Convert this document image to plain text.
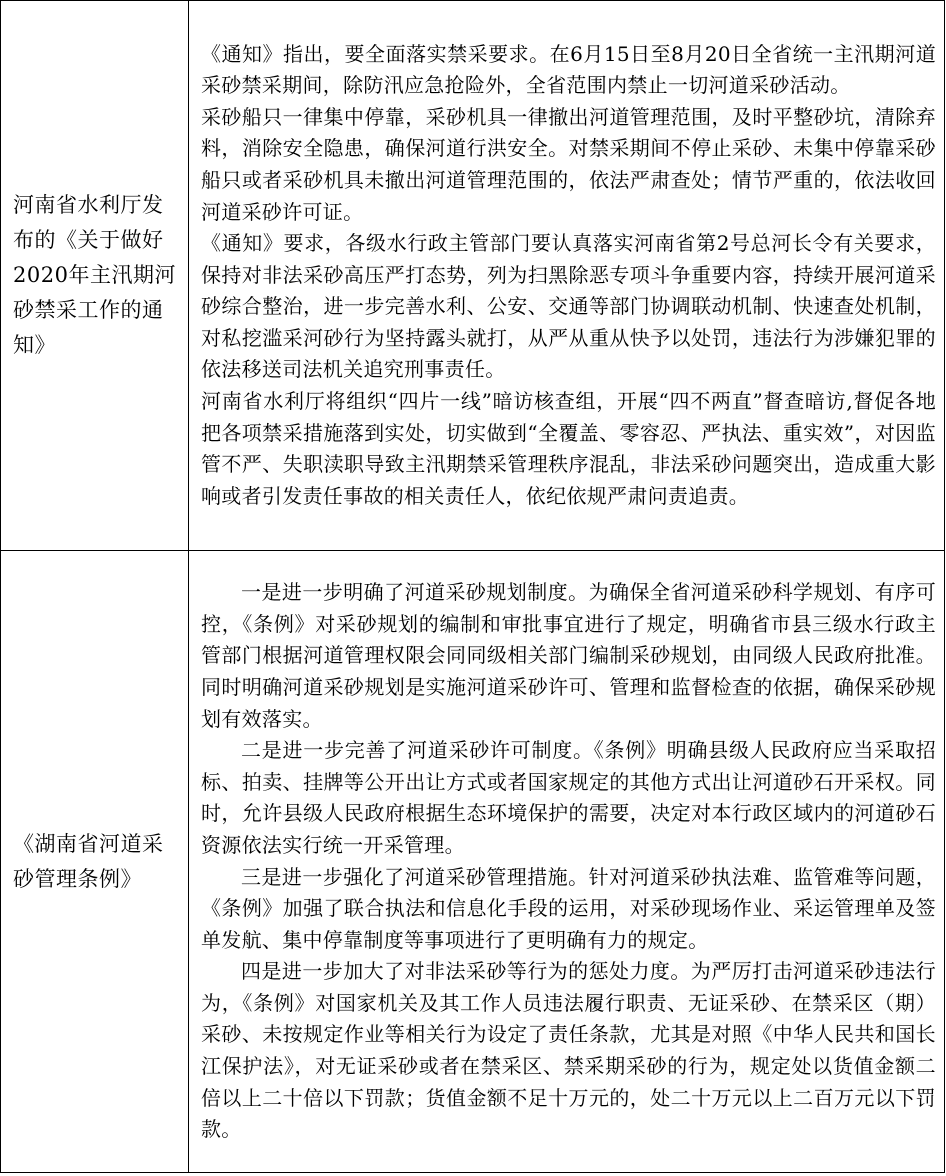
河南省水利厅发布的《关于做好2020年主汛期河砂禁采工作的通知》	《通知》指出，要全面落实禁采要求。在6月15日至8月20日全省统一主汛期河道采砂禁采期间，除防汛应急抢险外，全省范围内禁止一切河道采砂活动。

采砂船只一律集中停靠，采砂机具一律撤出河道管理范围，及时平整砂坑，清除弃料，消除安全隐患，确保河道行洪安全。对禁采期间不停止采砂、未集中停靠采砂船只或者采砂机具未撤出河道管理范围的，依法严肃查处；情节严重的，依法收回河道采砂许可证。

《通知》要求，各级水行政主管部门要认真落实河南省第2号总河长令有关要求，保持对非法采砂高压严打态势，列为扫黑除恶专项斗争重要内容，持续开展河道采砂综合整治，进一步完善水利、公安、交通等部门协调联动机制、快速查处机制，对私挖滥采河砂行为坚持露头就打，从严从重从快予以处罚，违法行为涉嫌犯罪的依法移送司法机关追究刑事责任。

河南省水利厅将组织“四片一线”暗访核查组，开展“四不两直”督查暗访,督促各地把各项禁采措施落到实处，切实做到“全覆盖、零容忍、严执法、重实效”，对因监管不严、失职渎职导致主汛期禁采管理秩序混乱，非法采砂问题突出，造成重大影响或者引发责任事故的相关责任人，依纪依规严肃问责追责。

《湖南省河道采砂管理条例》	一是进一步明确了河道采砂规划制度。为确保全省河道采砂科学规划、有序可控，《条例》对采砂规划的编制和审批事宜进行了规定，明确省市县三级水行政主管部门根据河道管理权限会同同级相关部门编制采砂规划，由同级人民政府批准。同时明确河道采砂规划是实施河道采砂许可、管理和监督检查的依据，确保采砂规划有效落实。

二是进一步完善了河道采砂许可制度。《条例》明确县级人民政府应当采取招标、拍卖、挂牌等公开出让方式或者国家规定的其他方式出让河道砂石开采权。同时，允许县级人民政府根据生态环境保护的需要，决定对本行政区域内的河道砂石资源依法实行统一开采管理。

三是进一步强化了河道采砂管理措施。针对河道采砂执法难、监管难等问题，《条例》加强了联合执法和信息化手段的运用，对采砂现场作业、采运管理单及签单发航、集中停靠制度等事项进行了更明确有力的规定。

四是进一步加大了对非法采砂等行为的惩处力度。为严厉打击河道采砂违法行为，《条例》对国家机关及其工作人员违法履行职责、无证采砂、在禁采区（期）采砂、未按规定作业等相关行为设定了责任条款，尤其是对照《中华人民共和国长江保护法》，对无证采砂或者在禁采区、禁采期采砂的行为，规定处以货值金额二倍以上二十倍以下罚款；货值金额不足十万元的，处二十万元以上二百万元以下罚款。
